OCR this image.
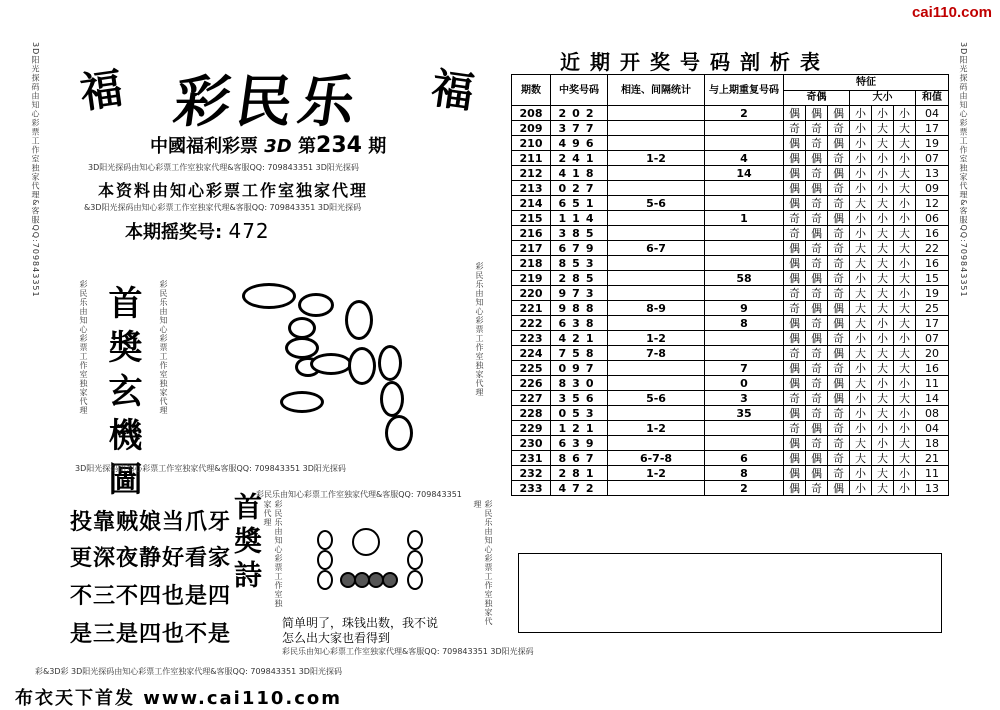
cai110.com
3D阳光探码由知心彩票工作室独家代理&客服QQ:709843351	3D阳光探码由知心彩票工作室独家代理&客服QQ:709843351
福	福
彩民乐
中國福利彩票 3D 第234 期
3D阳光探码由知心彩票工作室独家代理&客服QQ: 709843351 3D阳光探码
本资料由知心彩票工作室独家代理
&3D阳光探码由知心彩票工作室独家代理&客服QQ: 709843351 3D阳光探码
本期摇奖号: 472
彩民乐由知心彩票工作室独家代理 首奬玄機圖	彩民乐由知心彩票工作室独家代理	彩民乐由知心彩票工作室独家代理
3D阳光探码由知心彩票工作室独家代理&客服QQ: 709843351 3D阳光探码
彩民乐由知心彩票工作室独家代理&客服QQ: 709843351
投靠贼娘当爪牙
更深夜静好看家
不三不四也是四
是三是四也不是
首奬詩	彩民乐由知心彩票工作室独家代理	彩民乐由知心彩票工作室独家代理
简单明了，珠钱出数，我不说
怎么出大家也看得到
彩民乐由知心彩票工作室独家代理&客服QQ: 709843351 3D阳光探码
彩&3D彩 3D阳光探码由知心彩票工作室独家代理&客服QQ: 709843351 3D阳光探码
布衣天下首发 www.cai110.com
近期开奖号码剖析表
期数	中奖号码	相连、间隔统计	与上期重复号码	特征						
				奇偶			大小			和值
208	202		2	偶	偶	偶	小	小	小	04
209	377			奇	奇	奇	小	大	大	17
210	496			偶	奇	偶	小	大	大	19
211	241	1-2	4	偶	偶	奇	小	小	小	07
212	418		14	偶	奇	偶	小	小	大	13
213	027			偶	偶	奇	小	小	大	09
214	651	5-6		偶	奇	奇	大	大	小	12
215	114		1	奇	奇	偶	小	小	小	06
216	385			奇	偶	奇	小	大	大	16
217	679	6-7		偶	奇	奇	大	大	大	22
218	853			偶	奇	奇	大	大	小	16
219	285		58	偶	偶	奇	小	大	大	15
220	973			奇	奇	奇	大	大	小	19
221	988	8-9	9	奇	偶	偶	大	大	大	25
222	638		8	偶	奇	偶	大	小	大	17
223	421	1-2		偶	偶	奇	小	小	小	07
224	758	7-8		奇	奇	偶	大	大	大	20
225	097		7	偶	奇	奇	小	大	大	16
226	830		0	偶	奇	偶	大	小	小	11
227	356	5-6	3	奇	奇	偶	小	大	大	14
228	053		35	偶	奇	奇	小	大	小	08
229	121	1-2		奇	偶	奇	小	小	小	04
230	639			偶	奇	奇	大	小	大	18
231	867	6-7-8	6	偶	偶	奇	大	大	大	21
232	281	1-2	8	偶	偶	奇	小	大	小	11
233	472		2	偶	奇	偶	小	大	小	13
